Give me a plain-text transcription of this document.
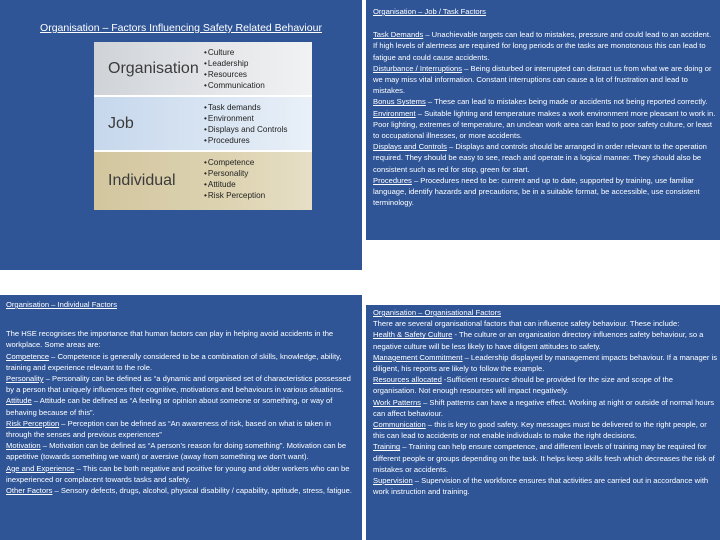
Organisation – Factors Influencing Safety Related Behaviour
Organisation
• Culture
• Leadership
• Resources
• Communication
Job
• Task demands
• Environment
• Displays and Controls
• Procedures
Individual
• Competence
• Personality
• Attitude
• Risk Perception
Organisation – Job / Task Factors

Task Demands – Unachievable targets can lead to mistakes, pressure and could lead to an accident. If high levels of alertness are required for long periods or the tasks are monotonous this can lead to fatigue and could cause accidents.

Disturbance / Interruptions – Being disturbed or interrupted can distract us from what we are doing or we may miss vital information. Constant interruptions can cause a lot of frustration and lead to mistakes.

Bonus Systems – These can lead to mistakes being made or accidents not being reported correctly.

Environment – Suitable lighting and temperature makes a work environment more pleasant to work in. Poor lighting, extremes of temperature, an unclean work area can lead to poor safety culture, or least to occupational illnesses, or more accidents.

Displays and Controls – Displays and controls should be arranged in order relevant to the operation required. They should be easy to see, reach and operate in a logical manner. They should also be consistent such as red for stop, green for start.

Procedures – Procedures need to be: current and up to date, supported by training, use familiar language, identify hazards and precautions, be in a suitable format, be accessible, use consistent terminology.

Organisation – Individual Factors

The HSE recognises the importance that human factors can play in helping avoid accidents in the workplace. Some areas are:

Competence – Competence is generally considered to be a combination of skills, knowledge, ability, training and experience relevant to the role.

Personality – Personality can be defined as “a dynamic and organised set of characteristics possessed by a person that uniquely influences their cognitive, motivations and behaviours in various situations.

Attitude – Attitude can be defined as “A feeling or opinion about someone or something, or way of behaving because of this”.

Risk Perception – Perception can be defined as “An awareness of risk, based on what is taken in through the senses and previous experiences”

Motivation – Motivation can be defined as “A person’s reason for doing something”. Motivation can be appetitive (towards something we want) or aversive (away from something we don’t want).

Age and Experience – This can be both negative and positive for young and older workers who can be inexperienced or complacent towards tasks and safety.

Other Factors – Sensory defects, drugs, alcohol, physical disability / capability, aptitude, stress, fatigue.

Organisation – Organisational Factors

There are several organisational factors that can influence safety behaviour. These include:

Health & Safety Culture - The culture or an organisation directory influences safety behaviour, so a negative culture will be less likely to have diligent attitudes to safety.

Management Commitment – Leadership displayed by management impacts behaviour. If a manager is diligent, his reports are likely to follow the example.

Resources allocated -Sufficient resource should be provided for the size and scope of the organisation. Not enough resources will impact negatively.

Work Patterns – Shift patterns can have a negative effect. Working at night or outside of normal hours can affect behaviour.

Communication – this is key to good safety. Key messages must be delivered to the right people, or this can lead to accidents or not enable individuals to make the right decisions.

Training – Training can help ensure competence, and different levels of training may be required for different people or groups depending on the task. It helps keep skills fresh which decreases the risk of mistakes or accidents.

Supervision – Supervision of the workforce ensures that activities are carried out in accordance with work instruction and training.
